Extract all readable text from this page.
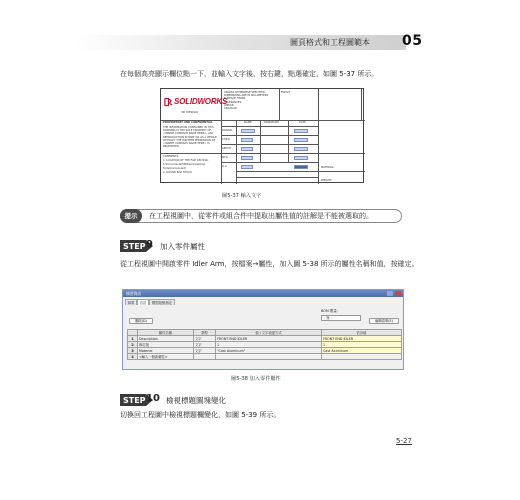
圖頁格式和工程圖範本 05
在每個高亮顯示欄位點一下，並輸入文字後，按右鍵，點選確定，如圖 5-37 所示。
SOLIDWORKS
3D DESIGN
UNLESS OTHERWISE SPECIFIED:
DIMENSIONS ARE IN MILLIMETERS
SURFACE FINISH:
TOLERANCES:
LINEAR:
ANGULAR:
FINISH:
PROPRIETARY AND CONFIDENTIAL
THE INFORMATION CONTAINED IN THIS DRAWING IS THE SOLE PROPERTY OF <INSERT COMPANY NAME HERE>. ANY REPRODUCTION IN PART OR AS A WHOLE WITHOUT THE WRITTEN PERMISSION OF <INSERT COMPANY NAME HERE> IS PROHIBITED.
NAME	SIGNATURE	DATE
DRAWN
CHK'D
APPV'D
MFG
Q.A	MATERIAL:
WEIGHT:
COMMENTS:
1. LOCATION OF THE FILE ON DISK:
$:\Documents\SW\Exercises\Cap
Ends\Component\
2. ROUND BAR STOCK
圖5-37 輸入文字
提示	在工程視圖中，從零件或組合件中提取出屬性值的註解是不能被選取的。
STEP 9 加入零件屬性
從工程視圖中開啟零件 Idler Arm，按檔案→屬性，加入圖 5-38 所示的屬性名稱和值，按確定。
摘要資訊
摘要	自訂	模型組態指定
刪除(D)
BOM 數量:
- 無 -
編輯清單(E)
	屬性名稱	類型	值 / 文字表達方式	估計值
1	Description	文字	FRONT END IDLER	FRONT END IDLER
2	修訂版	文字	1	1
3	Material	文字	"Cast Aluminum"	Cast Aluminum
4	<輸入一個新屬性>			
圖5-38 加入零件屬性
STEP 10 檢視標題圖塊變化
切換回工程圖中檢視標題欄變化，如圖 5-39 所示。
5-27
